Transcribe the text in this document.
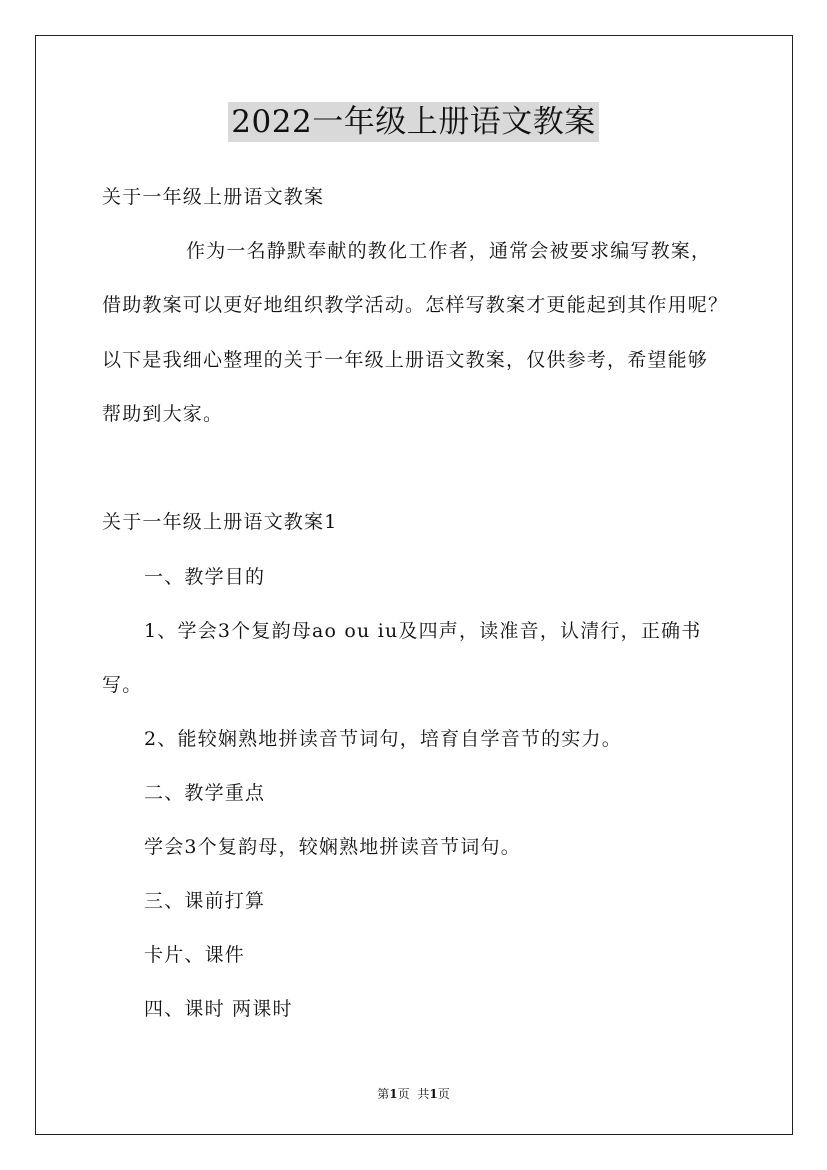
2022一年级上册语文教案
关于一年级上册语文教案
作为一名静默奉献的教化工作者，通常会被要求编写教案，
借助教案可以更好地组织教学活动。怎样写教案才更能起到其作用呢？
以下是我细心整理的关于一年级上册语文教案，仅供参考，希望能够
帮助到大家。
关于一年级上册语文教案1
一、教学目的
1、学会3个复韵母ao ou iu及四声，读准音，认清行，正确书
写。
2、能较娴熟地拼读音节词句，培育自学音节的实力。
二、教学重点
学会3个复韵母，较娴熟地拼读音节词句。
三、课前打算
卡片、课件
四、课时 两课时
第1页 共1页
